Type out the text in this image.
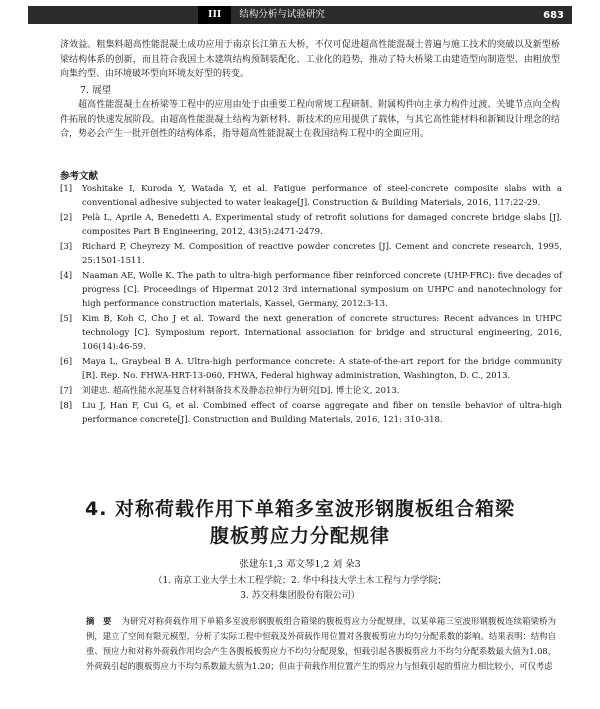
III 结构分析与试验研究	683
济效益。粗集料超高性能混凝土成功应用于南京长江第五大桥，不仅可促进超高性能混凝土普遍与施工技术的突破以及新型桥梁结构体系的创新，而且符合我国土木建筑结构预制装配化、工业化的趋势，推动了特大桥梁工由建造型向制造型、由粗放型向集约型、由环境破坏型向环境友好型的转变。
7. 展望
超高性能混凝土在桥梁等工程中的应用由处于由重要工程向常规工程研制、附属构件向主承力构件过渡、关键节点向全构件拓展的快速发展阶段。由超高性能混凝土结构为新材料、新技术的应用提供了载体，与其它高性能材料和新颖设计理念的结合，势必会产生一批开创性的结构体系，指导超高性能混凝土在我国结构工程中的全面应用。
参考文献
[1]	Yoshitake I, Kuroda Y, Watada Y, et al. Fatigue performance of steel-concrete composite slabs with a conventional adhesive subjected to water leakage[J]. Construction & Building Materials, 2016, 117:22-29.
[2]	Pelà L, Aprile A, Benedetti A. Experimental study of retrofit solutions for damaged concrete bridge slabs [J]. composites Part B Engineering, 2012, 43(5):2471-2479.
[3]	Richard P, Cheyrezy M. Composition of reactive powder concretes [J]. Cement and concrete research, 1995, 25:1501-1511.
[4]	Naaman AE, Wolle K. The path to ultra-high performance fiber reinforced concrete (UHP-FRC): five decades of progress [C]. Proceedings of Hipermat 2012 3rd international symposium on UHPC and nanotechnology for high performance construction materials, Kassel, Germany, 2012:3-13.
[5]	Kim B, Koh C, Cho J et al. Toward the next generation of concrete structures: Recent advances in UHPC technology [C]. Symposium report. International association for bridge and structural engineering, 2016, 106(14):46-59.
[6]	Maya L, Graybeal B A. Ultra-high performance concrete: A state-of-the-art report for the bridge community [R]. Rep. No. FHWA-HRT-13-060, FHWA, Federal highway administration, Washington, D. C., 2013.
[7]	刘建忠. 超高性能水泥基复合材料制备技术及静态拉伸行为研究[D]. 博士论文, 2013.
[8]	Liu J, Han F, Cui G, et al. Combined effect of coarse aggregate and fiber on tensile behavior of ultra-high performance concrete[J]. Construction and Building Materials, 2016, 121: 310-318.
4. 对称荷载作用下单箱多室波形钢腹板组合箱梁
腹板剪应力分配规律
张建东1,3 邓文琴1,2 刘 朵3
（1. 南京工业大学土木工程学院；2. 华中科技大学土木工程与力学学院；
3. 苏交科集团股份有限公司）
摘　要 为研究对称荷载作用下单箱多室波形钢腹板组合箱梁的腹板剪应力分配规律，以某单箱三室波形钢腹板连续箱梁桥为例，建立了空间有限元模型，分析了实际工程中恒载及外荷载作用位置对各腹板剪应力均匀分配系数的影响。结果表明：结构自重、预应力和对称外荷载作用均会产生各腹板板剪应力不均匀分配现象，恒载引起各腹板剪应力不均匀分配系数最大值为1.08，外荷载引起的腹板剪应力不均匀系数最大值为1.20；但由于荷载作用位置产生的剪应力与恒载引起的剪应力相比较小，可仅考虑
